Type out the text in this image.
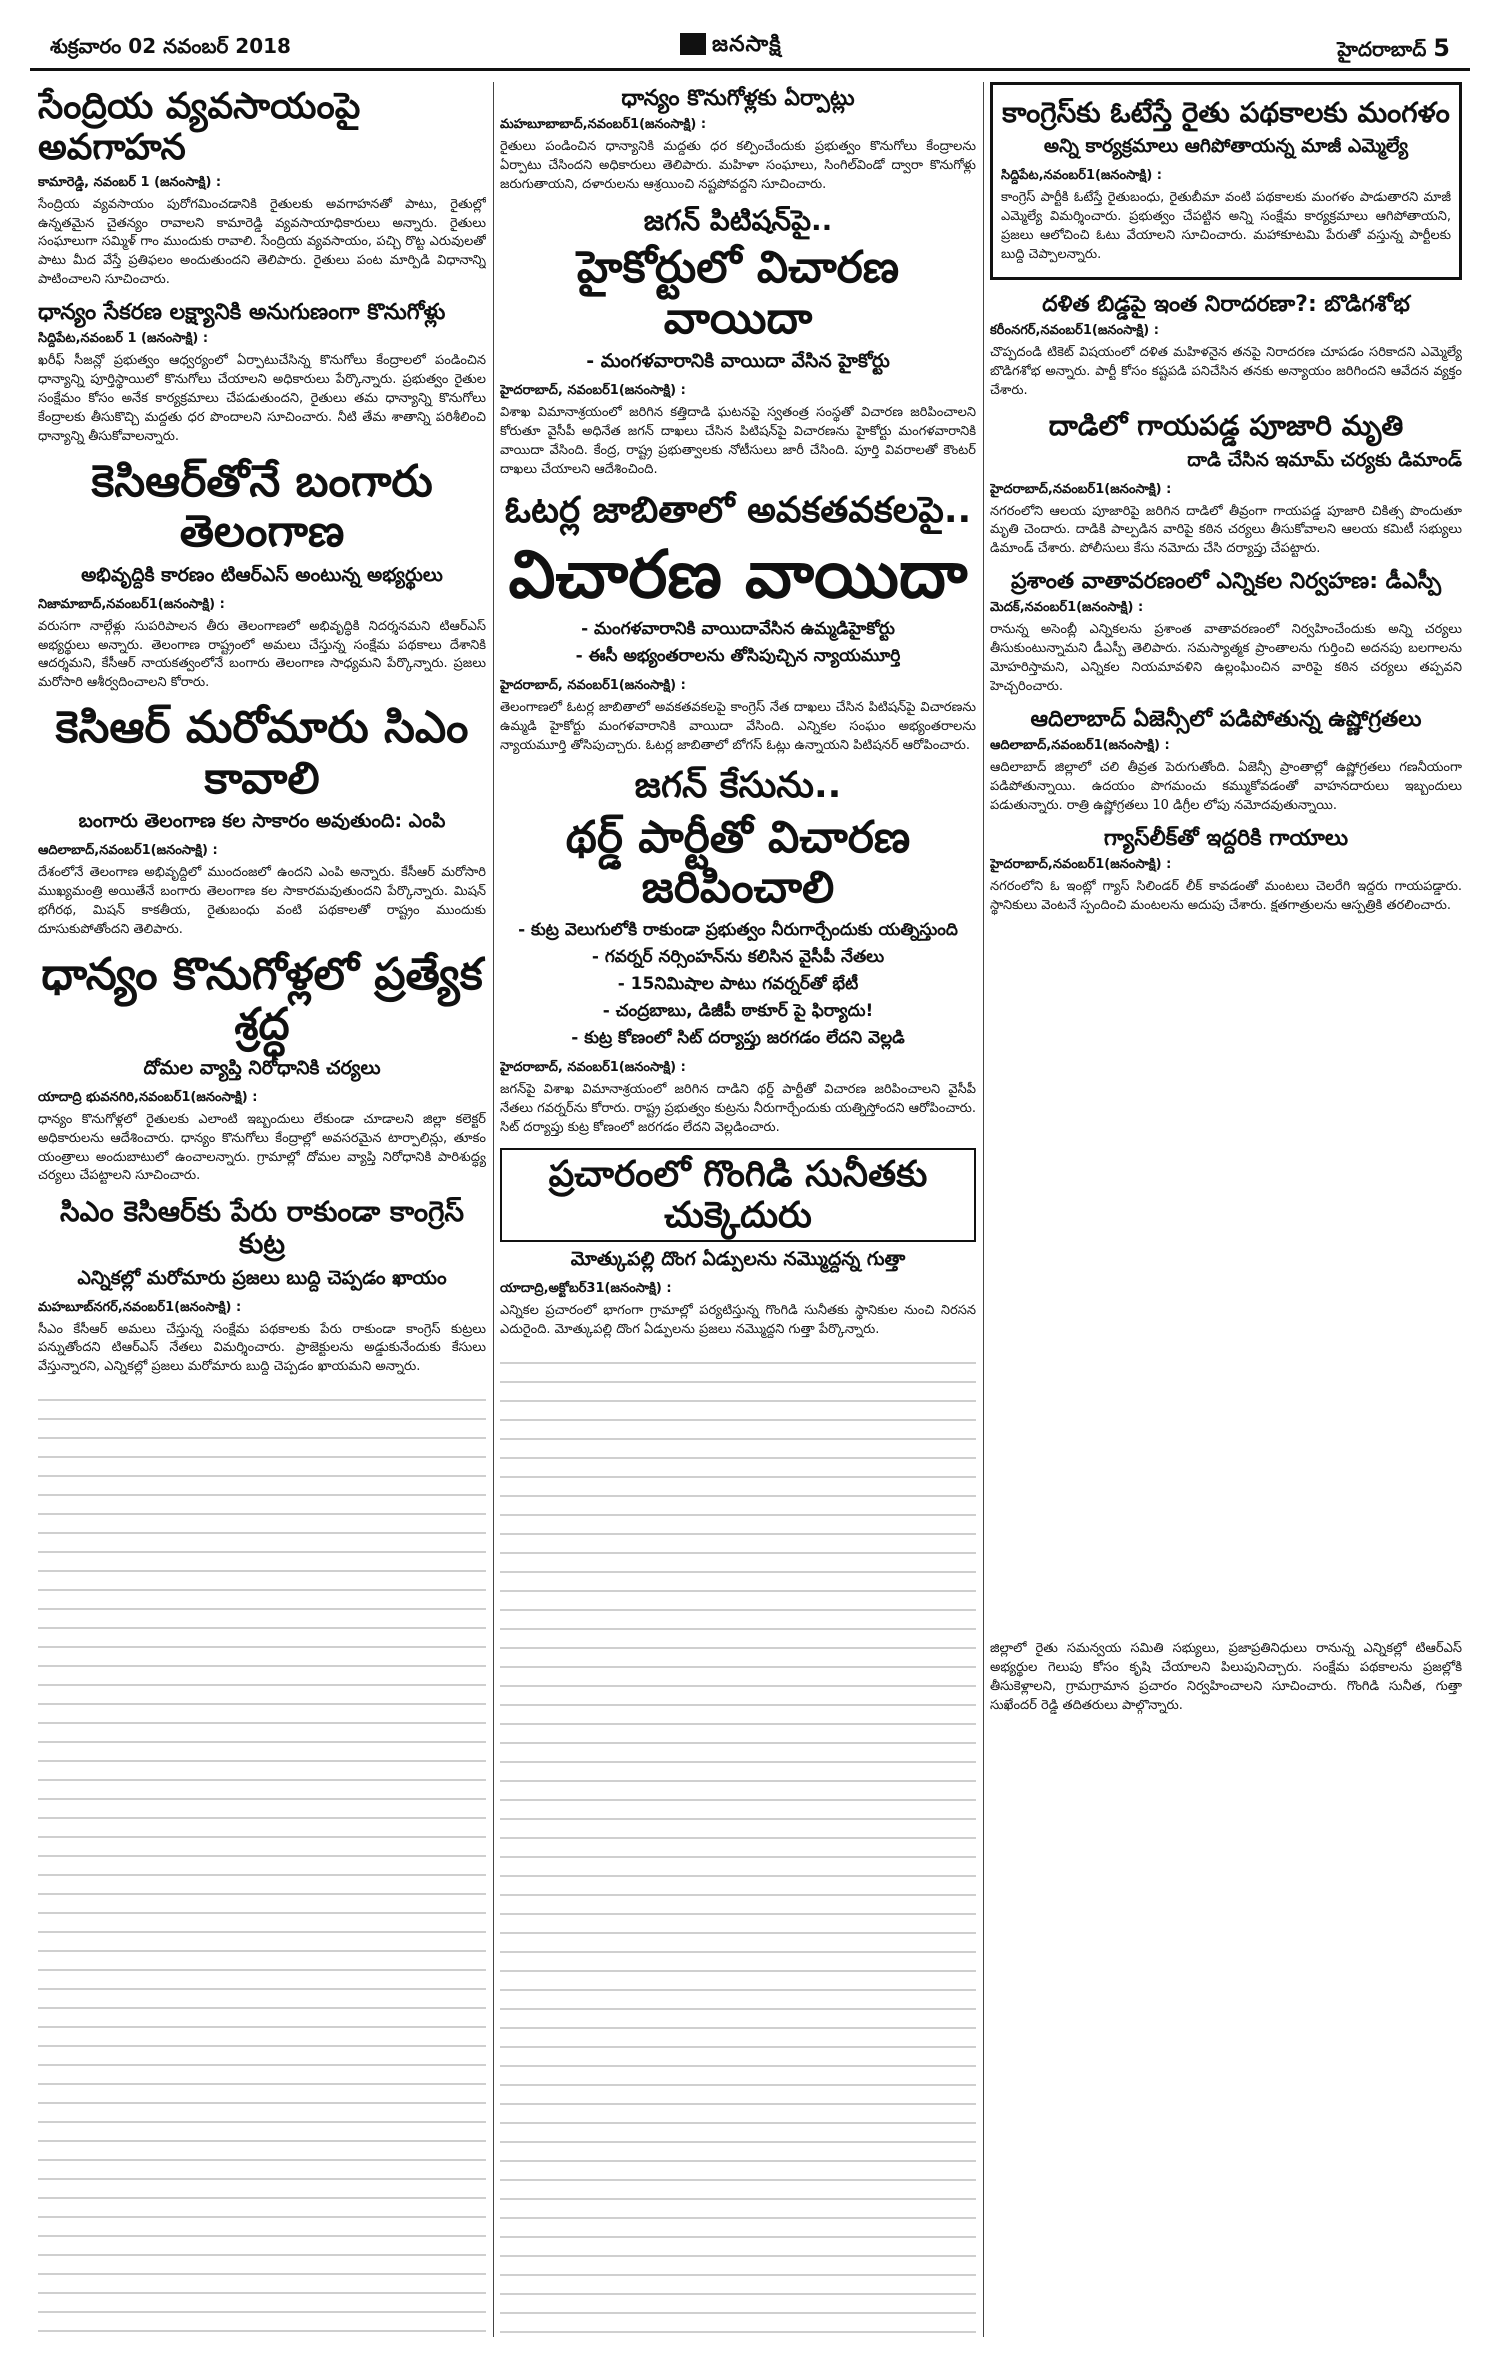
శుక్రవారం 02 నవంబర్ 2018	జనసాక్షి	హైదరాబాద్ 5
సేంద్రియ వ్యవసాయంపై అవగాహన
కామారెడ్డి, నవంబర్ 1 (జనంసాక్షి) :

సేంద్రియ వ్యవసాయం పురోగమించడానికి రైతులకు అవగాహనతో పాటు, రైతుల్లో ఉన్నతమైన చైతన్యం రావాలని కామారెడ్డి వ్యవసాయాధికారులు అన్నారు. రైతులు సంఘాలుగా సమ్మిళ్ గాం ముందుకు రావాలి. సేంద్రియ వ్యవసాయం, పచ్చి రొట్ట ఎరువులతో పాటు మీద వేస్తే ప్రతిఫలం అందుతుందని తెలిపారు. రైతులు పంట మార్పిడి విధానాన్ని పాటించాలని సూచించారు.

ధాన్యం సేకరణ లక్ష్యానికి అనుగుణంగా కొనుగోళ్లు
సిద్దిపేట,నవంబర్ 1 (జనంసాక్షి) :

ఖరీఫ్ సీజన్లో ప్రభుత్వం ఆధ్వర్యంలో ఏర్పాటుచేసిన్న కొనుగోలు కేంద్రాలలో పండించిన ధాన్యాన్ని పూర్తిస్థాయిలో కొనుగోలు చేయాలని అధికారులు పేర్కొన్నారు. ప్రభుత్వం రైతుల సంక్షేమం కోసం అనేక కార్యక్రమాలు చేపడుతుందని, రైతులు తమ ధాన్యాన్ని కొనుగోలు కేంద్రాలకు తీసుకొచ్చి మద్దతు ధర పొందాలని సూచించారు. నీటి తేమ శాతాన్ని పరిశీలించి ధాన్యాన్ని తీసుకోవాలన్నారు.

కెసిఆర్‌తోనే బంగారు తెలంగాణ
అభివృద్దికి కారణం టిఆర్‌ఎస్ అంటున్న అభ్యర్థులు
నిజామాబాద్,నవంబర్1(జనంసాక్షి) :

వరుసగా నాల్గేళ్లు సుపరిపాలన తీరు తెలంగాణలో అభివృద్ధికి నిదర్శనమని టిఆర్‌ఎస్ అభ్యర్థులు అన్నారు. తెలంగాణ రాష్ట్రంలో అమలు చేస్తున్న సంక్షేమ పథకాలు దేశానికి ఆదర్శమని, కేసీఆర్ నాయకత్వంలోనే బంగారు తెలంగాణ సాధ్యమని పేర్కొన్నారు. ప్రజలు మరోసారి ఆశీర్వదించాలని కోరారు.

కెసిఆర్ మరోమారు సిఎం కావాలి
బంగారు తెలంగాణ కల సాకారం అవుతుంది: ఎంపి
ఆదిలాబాద్,నవంబర్1(జనంసాక్షి) :

దేశంలోనే తెలంగాణ అభివృద్దిలో ముందంజలో ఉందని ఎంపి అన్నారు. కేసీఆర్ మరోసారి ముఖ్యమంత్రి అయితేనే బంగారు తెలంగాణ కల సాకారమవుతుందని పేర్కొన్నారు. మిషన్ భగీరథ, మిషన్ కాకతీయ, రైతుబంధు వంటి పథకాలతో రాష్ట్రం ముందుకు దూసుకుపోతోందని తెలిపారు.

ధాన్యం కొనుగోళ్లలో ప్రత్యేక శ్రద్ధ
దోమల వ్యాప్తి నిరోధానికి చర్యలు
యాదాద్రి భువనగిరి,నవంబర్1(జనంసాక్షి) :

ధాన్యం కొనుగోళ్లలో రైతులకు ఎలాంటి ఇబ్బందులు లేకుండా చూడాలని జిల్లా కలెక్టర్ అధికారులను ఆదేశించారు. ధాన్యం కొనుగోలు కేంద్రాల్లో అవసరమైన టార్పాలిన్లు, తూకం యంత్రాలు అందుబాటులో ఉంచాలన్నారు. గ్రామాల్లో దోమల వ్యాప్తి నిరోధానికి పారిశుద్ధ్య చర్యలు చేపట్టాలని సూచించారు.

సిఎం కెసిఆర్‌కు పేరు రాకుండా కాంగ్రెస్ కుట్ర
ఎన్నికల్లో మరోమారు ప్రజలు బుద్ది చెప్పడం ఖాయం
మహబూబ్‌నగర్,నవంబర్1(జనంసాక్షి) :

సీఎం కేసీఆర్ అమలు చేస్తున్న సంక్షేమ పథకాలకు పేరు రాకుండా కాంగ్రెస్ కుట్రలు పన్నుతోందని టిఆర్‌ఎస్ నేతలు విమర్శించారు. ప్రాజెక్టులను అడ్డుకునేందుకు కేసులు వేస్తున్నారని, ఎన్నికల్లో ప్రజలు మరోమారు బుద్ది చెప్పడం ఖాయమని అన్నారు.

ధాన్యం కొనుగోళ్లకు ఏర్పాట్లు
మహబూబాబాద్,నవంబర్1(జనంసాక్షి) :

రైతులు పండించిన ధాన్యానికి మద్దతు ధర కల్పించేందుకు ప్రభుత్వం కొనుగోలు కేంద్రాలను ఏర్పాటు చేసిందని అధికారులు తెలిపారు. మహిళా సంఘాలు, సింగిల్‌విండో ద్వారా కొనుగోళ్లు జరుగుతాయని, దళారులను ఆశ్రయించి నష్టపోవద్దని సూచించారు.

జగన్ పిటిషన్‌పై..
హైకోర్టులో విచారణ వాయిదా
- మంగళవారానికి వాయిదా వేసిన హైకోర్టు
హైదరాబాద్, నవంబర్1(జనంసాక్షి) :

విశాఖ విమానాశ్రయంలో జరిగిన కత్తిదాడి ఘటనపై స్వతంత్ర సంస్థతో విచారణ జరిపించాలని కోరుతూ వైసీపీ అధినేత జగన్ దాఖలు చేసిన పిటిషన్‌పై విచారణను హైకోర్టు మంగళవారానికి వాయిదా వేసింది. కేంద్ర, రాష్ట్ర ప్రభుత్వాలకు నోటీసులు జారీ చేసింది. పూర్తి వివరాలతో కౌంటర్ దాఖలు చేయాలని ఆదేశించింది.

ఓటర్ల జాబితాలో అవకతవకలపై..
విచారణ వాయిదా
- మంగళవారానికి వాయిదావేసిన ఉమ్మడిహైకోర్టు
- ఈసీ అభ్యంతరాలను తోసిపుచ్చిన న్యాయమూర్తి
హైదరాబాద్, నవంబర్1(జనంసాక్షి) :

తెలంగాణలో ఓటర్ల జాబితాలో అవకతవకలపై కాంగ్రెస్ నేత దాఖలు చేసిన పిటిషన్‌పై విచారణను ఉమ్మడి హైకోర్టు మంగళవారానికి వాయిదా వేసింది. ఎన్నికల సంఘం అభ్యంతరాలను న్యాయమూర్తి తోసిపుచ్చారు. ఓటర్ల జాబితాలో బోగస్ ఓట్లు ఉన్నాయని పిటిషనర్ ఆరోపించారు.

జగన్ కేసును..
థర్డ్ పార్టీతో విచారణ జరిపించాలి
- కుట్ర వెలుగులోకి రాకుండా ప్రభుత్వం నీరుగార్చేందుకు యత్నిస్తుంది
- గవర్నర్ నర్సింహన్‌ను కలిసిన వైసీపీ నేతలు
- 15నిమిషాల పాటు గవర్నర్‌తో భేటీ
- చంద్రబాబు, డిజీపీ ఠాకూర్ పై ఫిర్యాదు!
- కుట్ర కోణంలో సిట్ దర్యాప్తు జరగడం లేదని వెల్లడి
హైదరాబాద్, నవంబర్1(జనంసాక్షి) :

జగన్‌పై విశాఖ విమానాశ్రయంలో జరిగిన దాడిని థర్డ్ పార్టీతో విచారణ జరిపించాలని వైసీపీ నేతలు గవర్నర్‌ను కోరారు. రాష్ట్ర ప్రభుత్వం కుట్రను నీరుగార్చేందుకు యత్నిస్తోందని ఆరోపించారు. సిట్ దర్యాప్తు కుట్ర కోణంలో జరగడం లేదని వెల్లడించారు.

ప్రచారంలో గొంగిడి సునీతకు చుక్కెదురు
మోత్కుపల్లి దొంగ ఏడ్పులను నమ్మొద్దన్న గుత్తా
యాదాద్రి,అక్టోబర్31(జనంసాక్షి) :

ఎన్నికల ప్రచారంలో భాగంగా గ్రామాల్లో పర్యటిస్తున్న గొంగిడి సునీతకు స్థానికుల నుంచి నిరసన ఎదురైంది. మోత్కుపల్లి దొంగ ఏడ్పులను ప్రజలు నమ్మొద్దని గుత్తా పేర్కొన్నారు.

కాంగ్రెస్‌కు ఓటేస్తే రైతు పథకాలకు మంగళం
అన్ని కార్యక్రమాలు ఆగిపోతాయన్న మాజీ ఎమ్మెల్యే
సిద్దిపేట,నవంబర్1(జనంసాక్షి) :

కాంగ్రెస్ పార్టీకి ఓటేస్తే రైతుబంధు, రైతుబీమా వంటి పథకాలకు మంగళం పాడుతారని మాజీ ఎమ్మెల్యే విమర్శించారు. ప్రభుత్వం చేపట్టిన అన్ని సంక్షేమ కార్యక్రమాలు ఆగిపోతాయని, ప్రజలు ఆలోచించి ఓటు వేయాలని సూచించారు. మహాకూటమి పేరుతో వస్తున్న పార్టీలకు బుద్ది చెప్పాలన్నారు.

దళిత బిడ్డపై ఇంత నిరాదరణా?: బొడిగశోభ
కరీంనగర్,నవంబర్1(జనంసాక్షి) :

చొప్పదండి టికెట్ విషయంలో దళిత మహిళనైన తనపై నిరాదరణ చూపడం సరికాదని ఎమ్మెల్యే బొడిగశోభ అన్నారు. పార్టీ కోసం కష్టపడి పనిచేసిన తనకు అన్యాయం జరిగిందని ఆవేదన వ్యక్తం చేశారు.

దాడిలో గాయపడ్డ పూజారి మృతి
దాడి చేసిన ఇమామ్ చర్యకు డిమాండ్
హైదరాబాద్,నవంబర్1(జనంసాక్షి) :

నగరంలోని ఆలయ పూజారిపై జరిగిన దాడిలో తీవ్రంగా గాయపడ్డ పూజారి చికిత్స పొందుతూ మృతి చెందారు. దాడికి పాల్పడిన వారిపై కఠిన చర్యలు తీసుకోవాలని ఆలయ కమిటీ సభ్యులు డిమాండ్ చేశారు. పోలీసులు కేసు నమోదు చేసి దర్యాప్తు చేపట్టారు.

ప్రశాంత వాతావరణంలో ఎన్నికల నిర్వహణ: డీఎస్పీ
మెదక్,నవంబర్1(జనంసాక్షి) :

రానున్న అసెంబ్లీ ఎన్నికలను ప్రశాంత వాతావరణంలో నిర్వహించేందుకు అన్ని చర్యలు తీసుకుంటున్నామని డీఎస్పీ తెలిపారు. సమస్యాత్మక ప్రాంతాలను గుర్తించి అదనపు బలగాలను మోహరిస్తామని, ఎన్నికల నియమావళిని ఉల్లంఘించిన వారిపై కఠిన చర్యలు తప్పవని హెచ్చరించారు.

ఆదిలాబాద్ ఏజెన్సీలో పడిపోతున్న ఉష్ణోగ్రతలు
ఆదిలాబాద్,నవంబర్1(జనంసాక్షి) :

ఆదిలాబాద్ జిల్లాలో చలి తీవ్రత పెరుగుతోంది. ఏజెన్సీ ప్రాంతాల్లో ఉష్ణోగ్రతలు గణనీయంగా పడిపోతున్నాయి. ఉదయం పొగమంచు కమ్ముకోవడంతో వాహనదారులు ఇబ్బందులు పడుతున్నారు. రాత్రి ఉష్ణోగ్రతలు 10 డిగ్రీల లోపు నమోదవుతున్నాయి.

గ్యాస్‌లీక్‌తో ఇద్దరికి గాయాలు
హైదరాబాద్,నవంబర్1(జనంసాక్షి) :

నగరంలోని ఓ ఇంట్లో గ్యాస్ సిలిండర్ లీక్ కావడంతో మంటలు చెలరేగి ఇద్దరు గాయపడ్డారు. స్థానికులు వెంటనే స్పందించి మంటలను అదుపు చేశారు. క్షతగాత్రులను ఆస్పత్రికి తరలించారు.

జిల్లాలో రైతు సమన్వయ సమితి సభ్యులు, ప్రజాప్రతినిధులు రానున్న ఎన్నికల్లో టిఆర్‌ఎస్ అభ్యర్థుల గెలుపు కోసం కృషి చేయాలని పిలుపునిచ్చారు. సంక్షేమ పథకాలను ప్రజల్లోకి తీసుకెళ్లాలని, గ్రామగ్రామాన ప్రచారం నిర్వహించాలని సూచించారు. గొంగిడి సునీత, గుత్తా సుఖేందర్ రెడ్డి తదితరులు పాల్గొన్నారు.
